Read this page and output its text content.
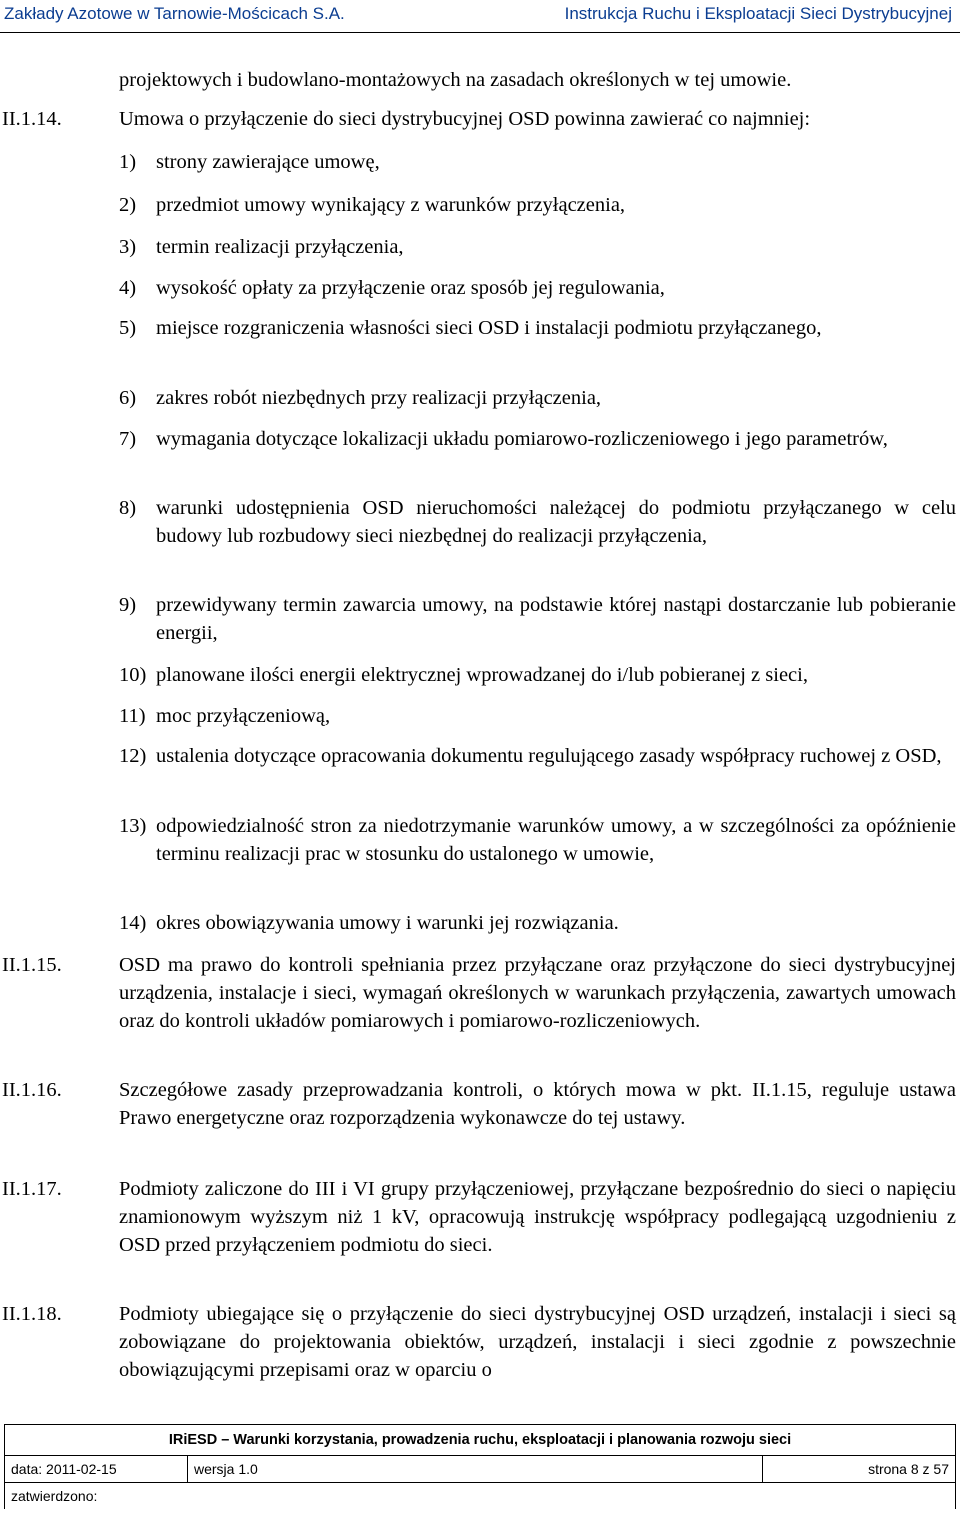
Zakłady Azotowe w Tarnowie-Mościcach S.A.	Instrukcja Ruchu i Eksploatacji Sieci Dystrybucyjnej

projektowych i budowlano-montażowych na zasadach określonych w tej umowie.

II.1.14.	Umowa o przyłączenie do sieci dystrybucyjnej OSD powinna zawierać co najmniej:

1) strony zawierające umowę,
2) przedmiot umowy wynikający z warunków przyłączenia,
3) termin realizacji przyłączenia,
4) wysokość opłaty za przyłączenie oraz sposób jej regulowania,
5) miejsce rozgraniczenia własności sieci OSD i instalacji podmiotu przyłączanego,
6) zakres robót niezbędnych przy realizacji przyłączenia,
7) wymagania dotyczące lokalizacji układu pomiarowo-rozliczeniowego i jego parametrów,
8) warunki udostępnienia OSD nieruchomości należącej do podmiotu przyłączanego w celu budowy lub rozbudowy sieci niezbędnej do realizacji przyłączenia,
9) przewidywany termin zawarcia umowy, na podstawie której nastąpi dostarczanie lub pobieranie energii,
10) planowane ilości energii elektrycznej wprowadzanej do i/lub pobieranej z sieci,
11) moc przyłączeniową,
12) ustalenia dotyczące opracowania dokumentu regulującego zasady współpracy ruchowej z OSD,
13) odpowiedzialność stron za niedotrzymanie warunków umowy, a w szczególności za opóźnienie terminu realizacji prac w stosunku do ustalonego w umowie,
14) okres obowiązywania umowy i warunki jej rozwiązania.
II.1.15.	OSD ma prawo do kontroli spełniania przez przyłączane oraz przyłączone do sieci dystrybucyjnej urządzenia, instalacje i sieci, wymagań określonych w warunkach przyłączenia, zawartych umowach oraz do kontroli układów pomiarowych i pomiarowo-rozliczeniowych.

II.1.16.	Szczegółowe zasady przeprowadzania kontroli, o których mowa w pkt. II.1.15, reguluje ustawa Prawo energetyczne oraz rozporządzenia wykonawcze do tej ustawy.

II.1.17.	Podmioty zaliczone do III i VI grupy przyłączeniowej, przyłączane bezpośrednio do sieci o napięciu znamionowym wyższym niż 1 kV, opracowują instrukcję współpracy podlegającą uzgodnieniu z OSD przed przyłączeniem podmiotu do sieci.

II.1.18.	Podmioty ubiegające się o przyłączenie do sieci dystrybucyjnej OSD urządzeń, instalacji i sieci są zobowiązane do projektowania obiektów, urządzeń, instalacji i sieci zgodnie z powszechnie obowiązującymi przepisami oraz w oparciu o

IRiESD – Warunki korzystania, prowadzenia ruchu, eksploatacji i planowania rozwoju sieci
data: 2011-02-15	wersja 1.0	strona 8 z 57
zatwierdzono:
